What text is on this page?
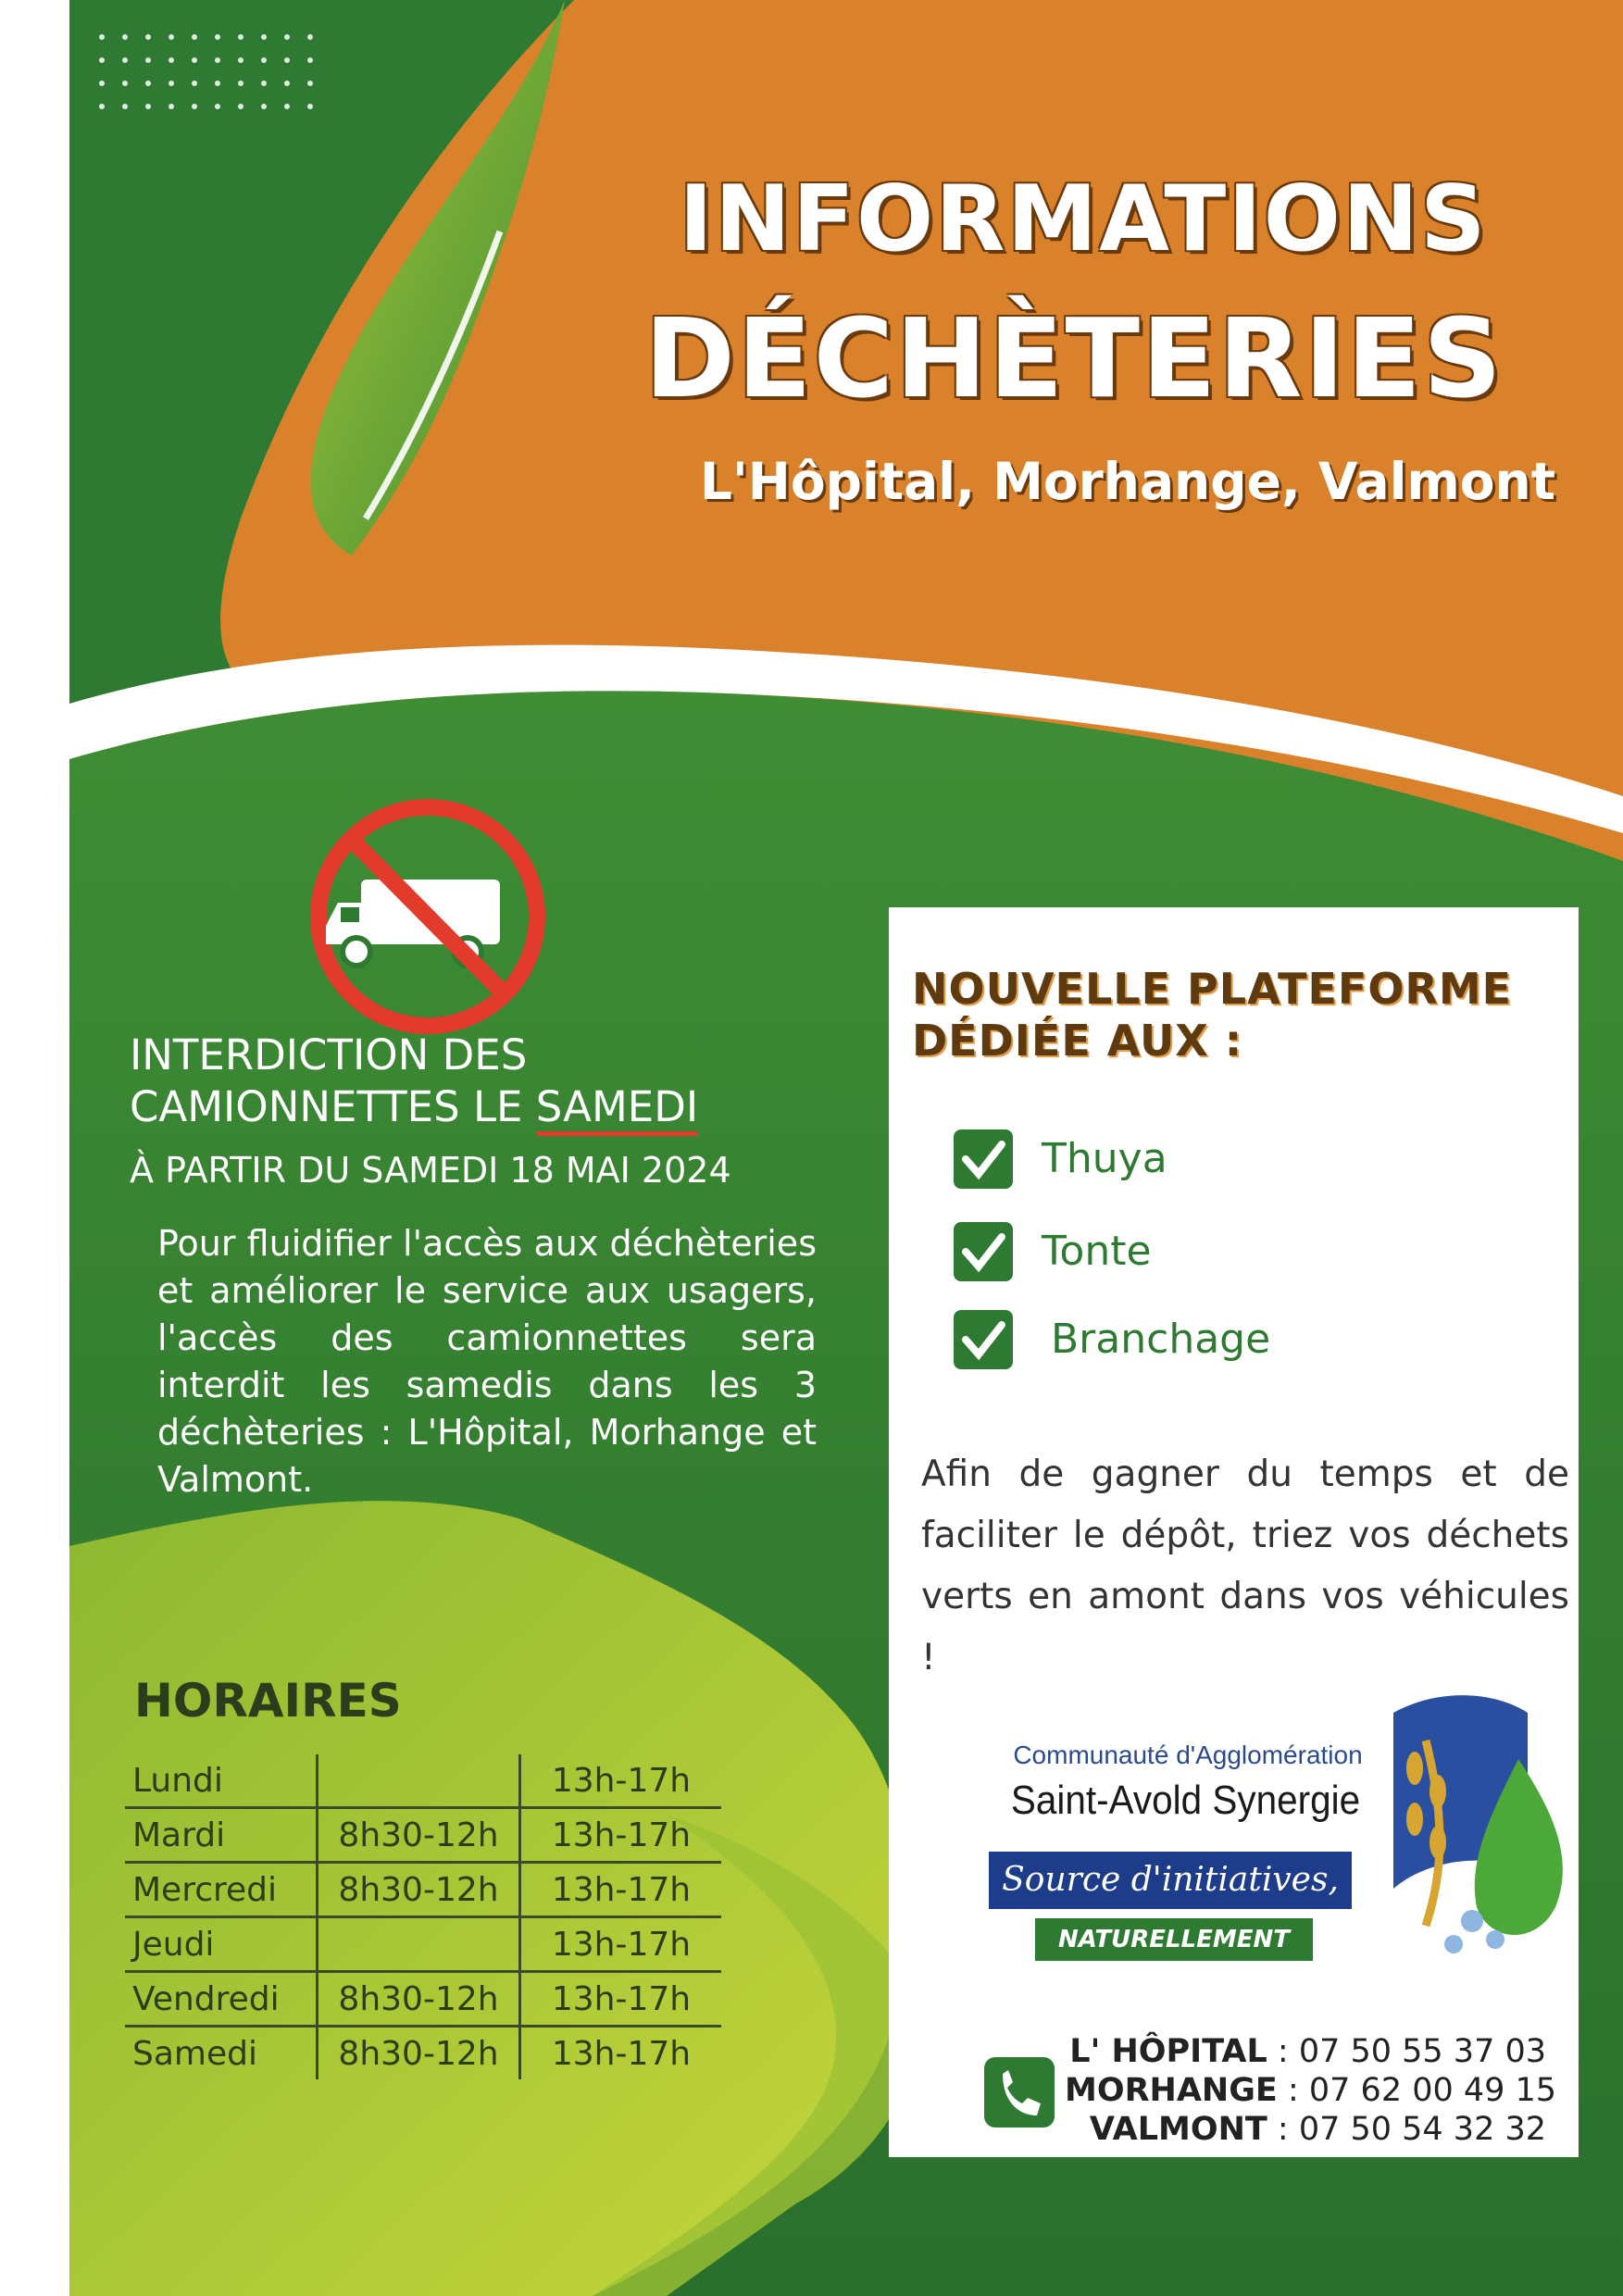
INFORMATIONS
DÉCHÈTERIES
L'Hôpital, Morhange, Valmont
INTERDICTION DES
CAMIONNETTES LE SAMEDI
À PARTIR DU SAMEDI 18 MAI 2024
Pour fluidifier l'accès aux déchèteries et améliorer le service aux usagers, l'accès des camionnettes sera interdit les samedis dans les 3 déchèteries : L'Hôpital, Morhange et Valmont.
HORAIRES
Lundi		13h-17h
Mardi	8h30-12h	13h-17h
Mercredi	8h30-12h	13h-17h
Jeudi		13h-17h
Vendredi	8h30-12h	13h-17h
Samedi	8h30-12h	13h-17h
NOUVELLE PLATEFORME
DÉDIÉE AUX :
Thuya
Tonte
Branchage
Afin de gagner du temps et de faciliter le dépôt, triez vos déchets verts en amont dans vos véhicules !
Communauté d'Agglomération
Saint-Avold Synergie
Source d'initiatives,
NATURELLEMENT
L' HÔPITAL : 07 50 55 37 03
MORHANGE : 07 62 00 49 15
VALMONT : 07 50 54 32 32
